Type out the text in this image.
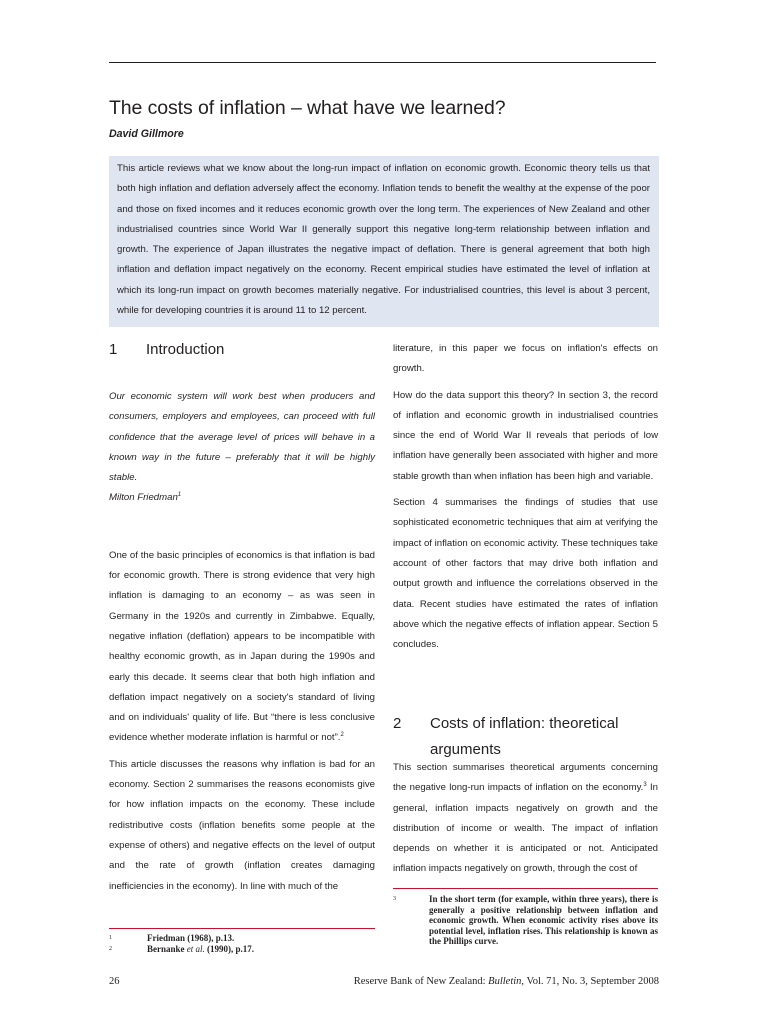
The costs of inflation – what have we learned?
David Gillmore
This article reviews what we know about the long-run impact of inflation on economic growth. Economic theory tells us that both high inflation and deflation adversely affect the economy. Inflation tends to benefit the wealthy at the expense of the poor and those on fixed incomes and it reduces economic growth over the long term. The experiences of New Zealand and other industrialised countries since World War II generally support this negative long-term relationship between inflation and growth. The experience of Japan illustrates the negative impact of deflation. There is general agreement that both high inflation and deflation impact negatively on the economy. Recent empirical studies have estimated the level of inflation at which its long-run impact on growth becomes materially negative. For industrialised countries, this level is about 3 percent, while for developing countries it is around 11 to 12 percent.
1 Introduction

Our economic system will work best when producers and consumers, employers and employees, can proceed with full confidence that the average level of prices will behave in a known way in the future – preferably that it will be highly stable.

Milton Friedman$^1$

One of the basic principles of economics is that inflation is bad for economic growth. There is strong evidence that very high inflation is damaging to an economy – as was seen in Germany in the 1920s and currently in Zimbabwe. Equally, negative inflation (deflation) appears to be incompatible with healthy economic growth, as in Japan during the 1990s and early this decade. It seems clear that both high inflation and deflation impact negatively on a society's standard of living and on individuals' quality of life. But “there is less conclusive evidence whether moderate inflation is harmful or not”.$^2$

This article discusses the reasons why inflation is bad for an economy. Section 2 summarises the reasons economists give for how inflation impacts on the economy. These include redistributive costs (inflation benefits some people at the expense of others) and negative effects on the level of output and the rate of growth (inflation creates damaging inefficiencies in the economy). In line with much of the

1	Friedman (1968), p.13.
2	Bernanke et al. (1990), p.17.

literature, in this paper we focus on inflation's effects on growth.

How do the data support this theory? In section 3, the record of inflation and economic growth in industrialised countries since the end of World War II reveals that periods of low inflation have generally been associated with higher and more stable growth than when inflation has been high and variable.

Section 4 summarises the findings of studies that use sophisticated econometric techniques that aim at verifying the impact of inflation on economic activity. These techniques take account of other factors that may drive both inflation and output growth and influence the correlations observed in the data. Recent studies have estimated the rates of inflation above which the negative effects of inflation appear. Section 5 concludes.

2 Costs of inflation: theoretical
arguments

This section summarises theoretical arguments concerning the negative long-run impacts of inflation on the economy.$^3$ In general, inflation impacts negatively on growth and the distribution of income or wealth. The impact of inflation depends on whether it is anticipated or not. Anticipated inflation impacts negatively on growth, through the cost of

3	In the short term (for example, within three years), there is generally a positive relationship between inflation and economic growth. When economic activity rises above its potential level, inflation rises. This relationship is known as the Phillips curve.
26	Reserve Bank of New Zealand: Bulletin, Vol. 71, No. 3, September 2008
